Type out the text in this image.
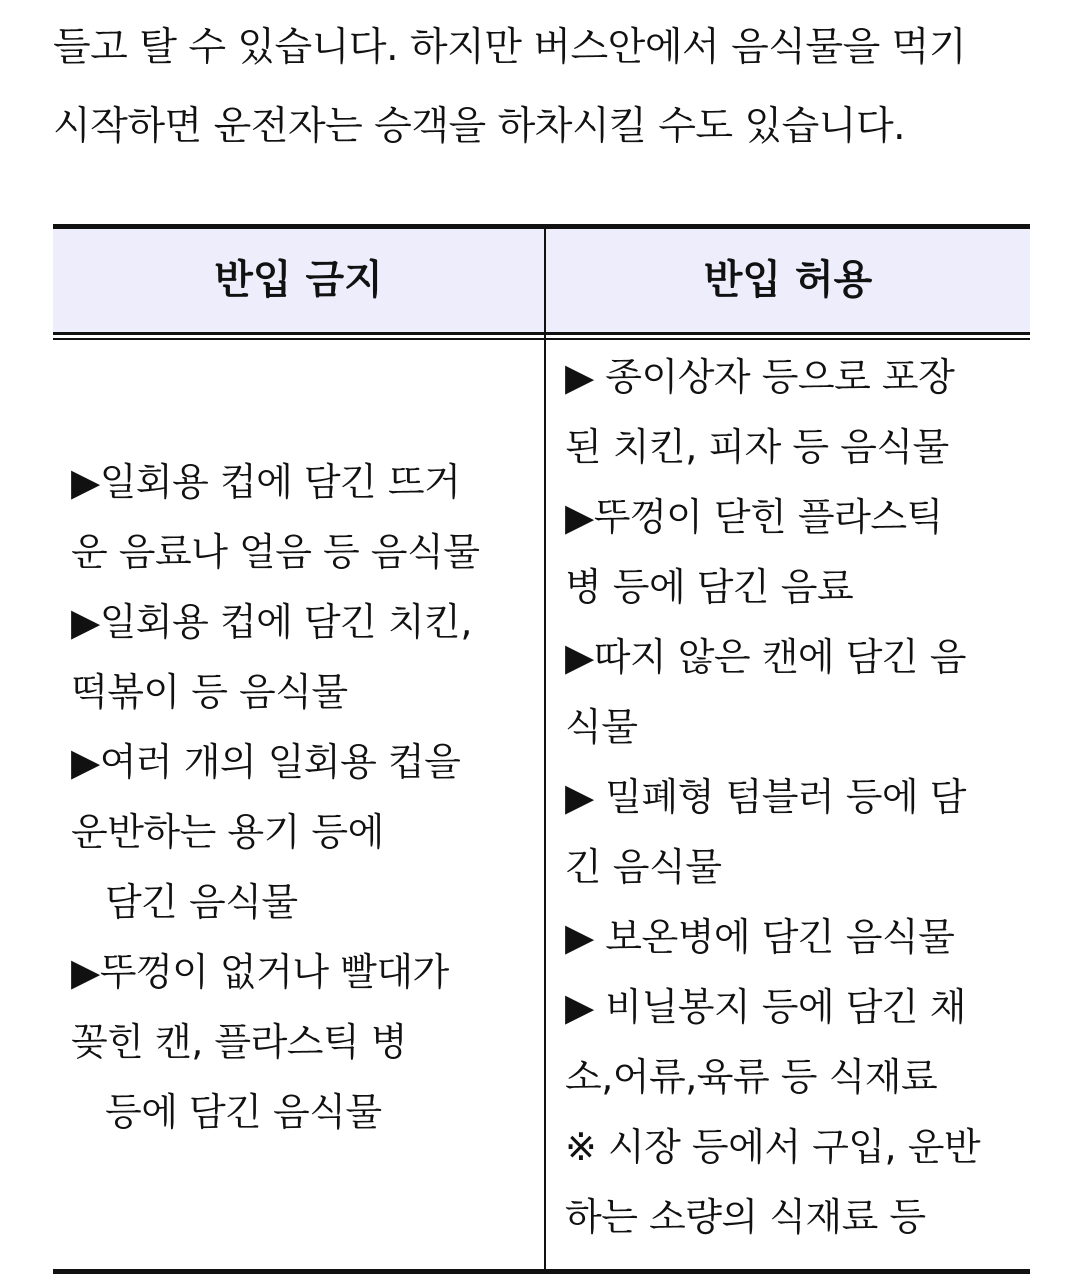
들고 탈 수 있습니다. 하지만 버스안에서 음식물을 먹기
시작하면 운전자는 승객을 하차시킬 수도 있습니다.
반입 금지	반입 허용
▶일회용 컵에 담긴 뜨거
운 음료나 얼음 등 음식물
▶일회용 컵에 담긴 치킨,
떡볶이 등 음식물
▶여러 개의 일회용 컵을
운반하는 용기 등에
담긴 음식물
▶뚜껑이 없거나 빨대가
꽂힌 캔, 플라스틱 병
등에 담긴 음식물
▶ 종이상자 등으로 포장
된 치킨, 피자 등 음식물
▶뚜껑이 닫힌 플라스틱
병 등에 담긴 음료
▶따지 않은 캔에 담긴 음
식물
▶ 밀폐형 텀블러 등에 담
긴 음식물
▶ 보온병에 담긴 음식물
▶ 비닐봉지 등에 담긴 채
소,어류,육류 등 식재료
※ 시장 등에서 구입, 운반
하는 소량의 식재료 등
